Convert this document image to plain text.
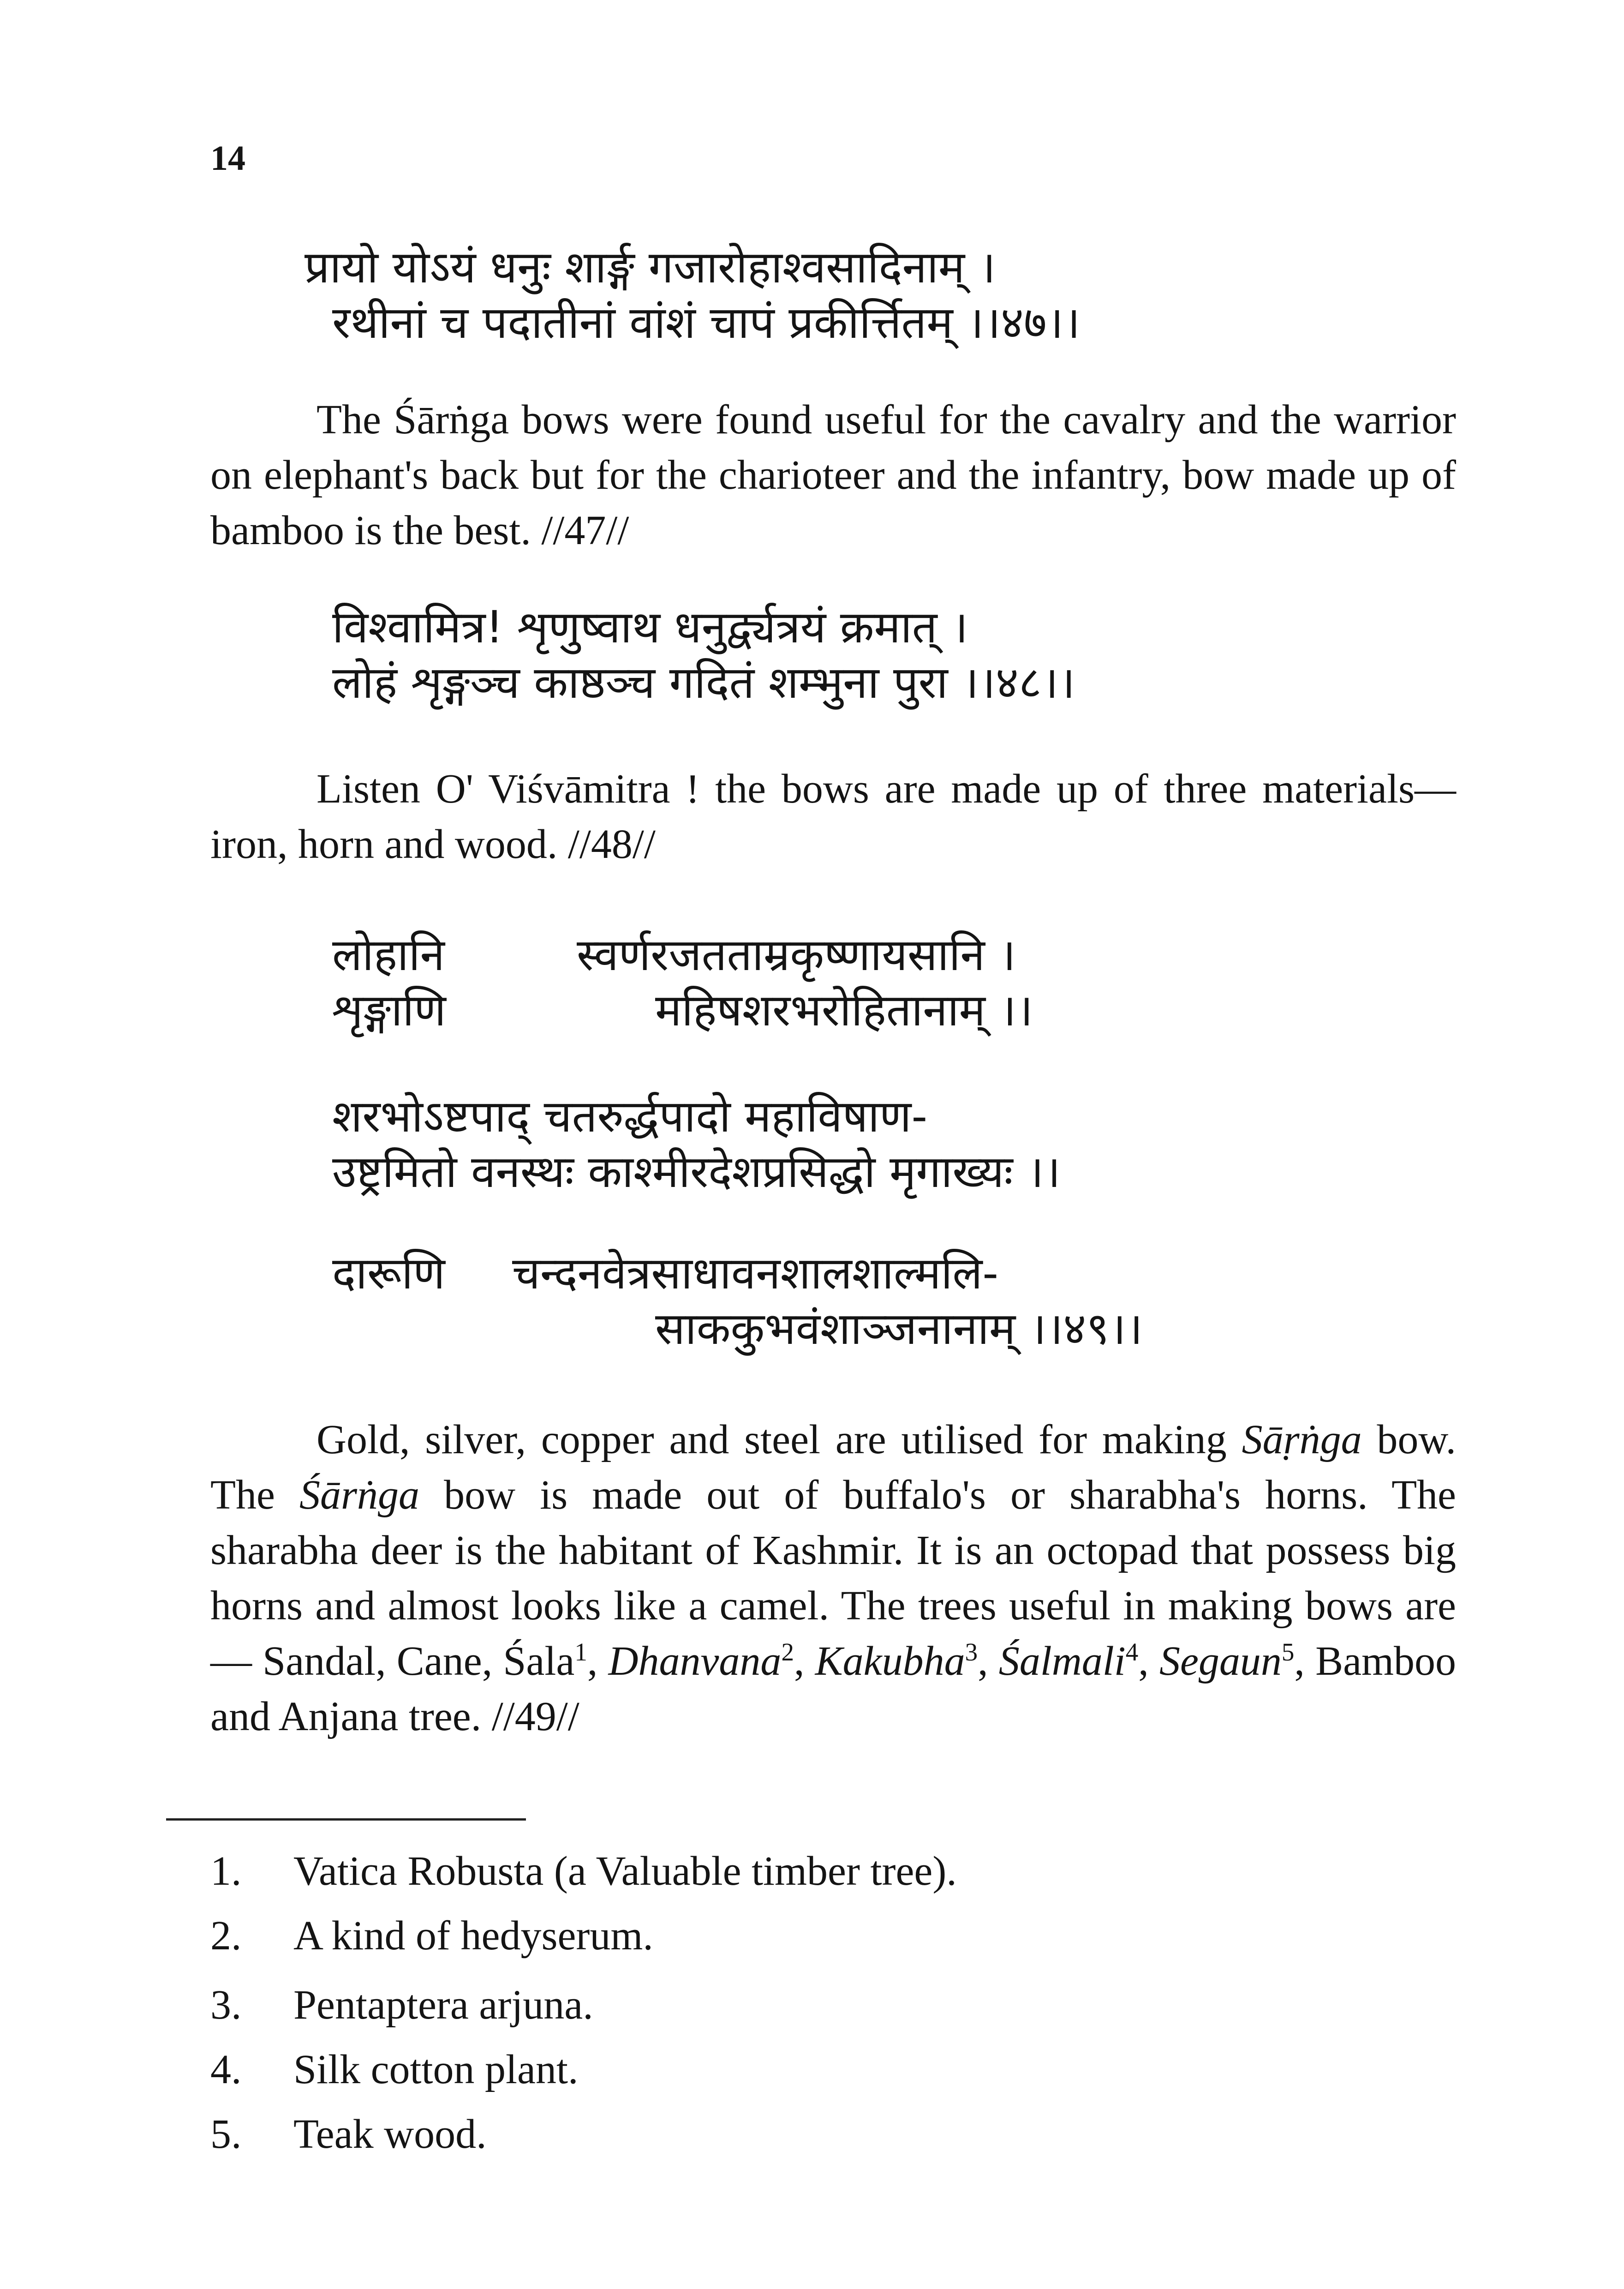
14
प्रायो योऽयं धनुः शार्ङ्ग गजारोहाश्वसादिनाम् ।
रथीनां च पदातीनां वांशं चापं प्रकीर्त्तितम् ।।४७।।
The Śārṅga bows were found useful for the cavalry and the warrior on elephant's back but for the charioteer and the infantry, bow made up of bamboo is the best. //47//
विश्वामित्र! शृणुष्वाथ धनुर्द्व्यत्रयं क्रमात् ।
लोहं शृङ्गञ्च काष्ठञ्च गदितं शम्भुना पुरा ।।४८।।
Listen O' Viśvāmitra ! the bows are made up of three materials—iron, horn and wood. //48//
लोहानि	स्वर्णरजतताम्रकृष्णायसानि ।
शृङ्गाणि	महिषशरभरोहितानाम् ।।
शरभोऽष्टपाद् चतरुर्द्धपादो महाविषाण-
उष्ट्रमितो वनस्थः काश्मीरदेशप्रसिद्धो मृगाख्यः ।।
दारूणि चन्दनवेत्रसाधावनशालशाल्मलि-
साककुभवंशाञ्जनानाम् ।।४९।।
Gold, silver, copper and steel are utilised for making Sāṛṅga bow. The Śārṅga bow is made out of buffalo's or sharabha's horns. The sharabha deer is the habitant of Kashmir. It is an octopad that possess big horns and almost looks like a camel. The trees useful in making bows are— Sandal, Cane, Śala$^1$, Dhanvana$^2$, Kakubha$^3$, Śalmali$^4$, Segaun$^5$, Bamboo and Anjana tree. //49//
1. Vatica Robusta (a Valuable timber tree).
2. A kind of hedyserum.
3. Pentaptera arjuna.
4. Silk cotton plant.
5. Teak wood.
